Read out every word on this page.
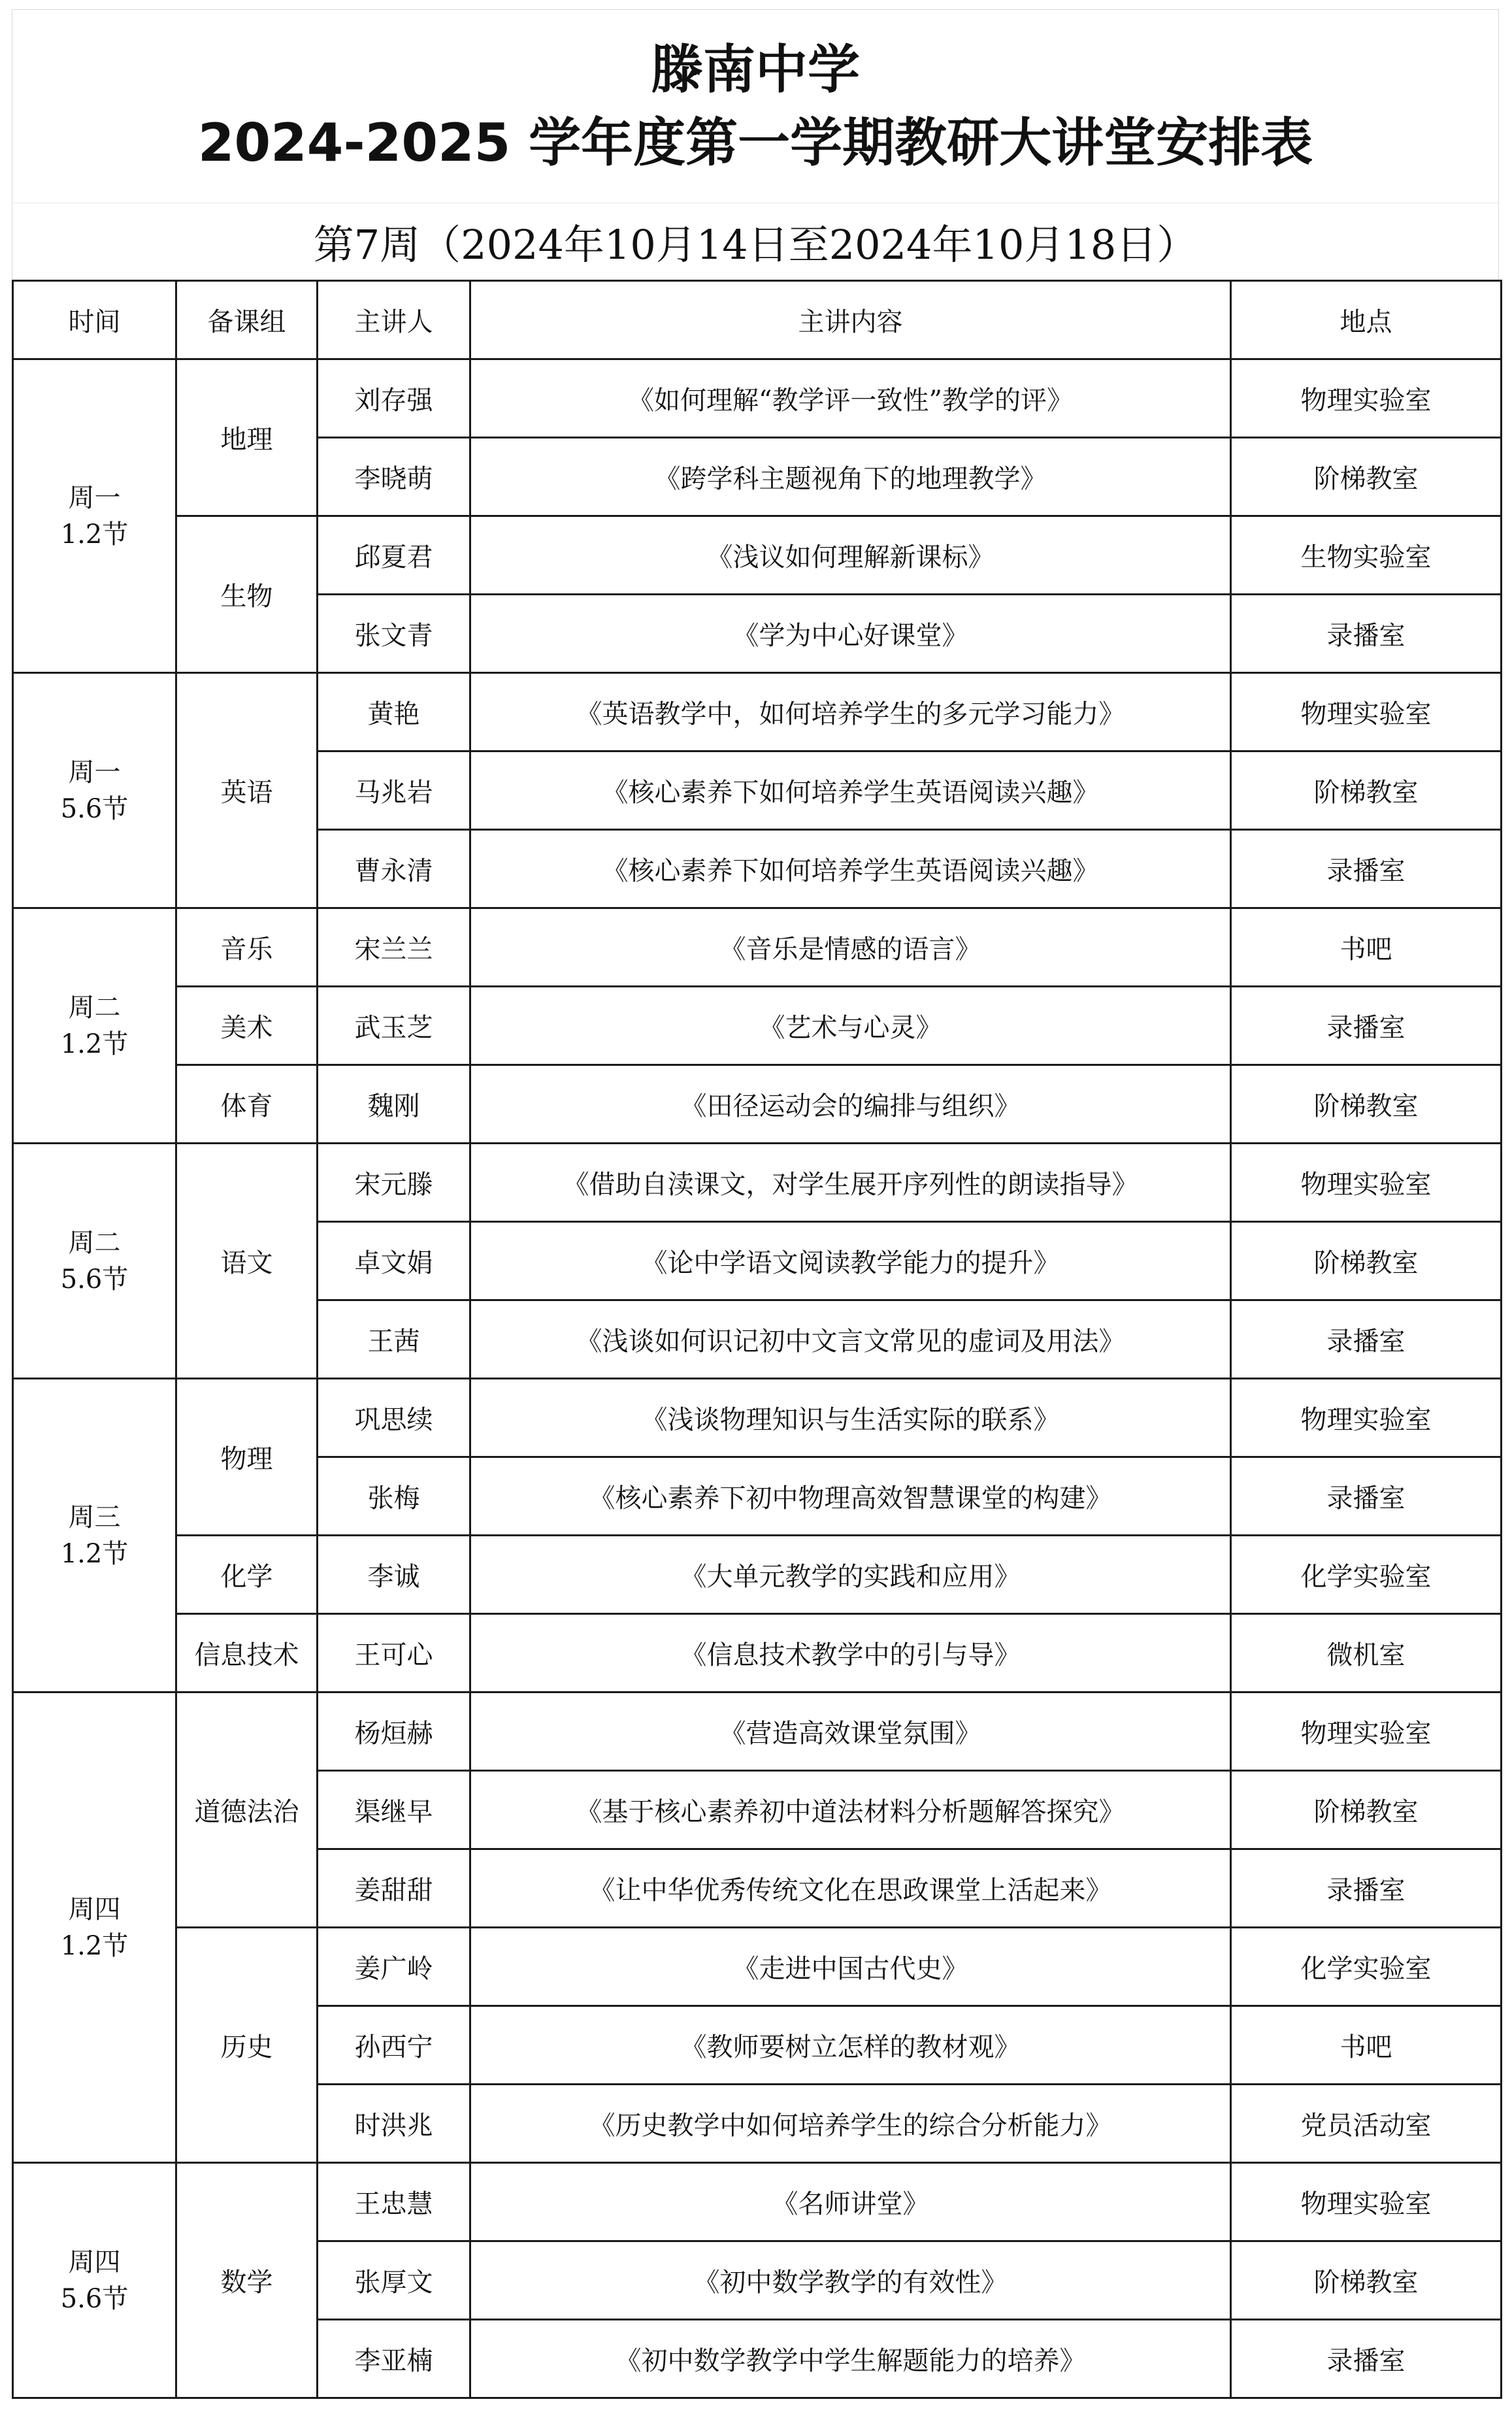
滕南中学
2024-2025 学年度第一学期教研大讲堂安排表
第7周（2024年10月14日至2024年10月18日）
时间	备课组	主讲人	主讲内容	地点

周一
1.2节	地理	刘存强	《如何理解“教学评一致性”教学的评》	物理实验室
		李晓萌	《跨学科主题视角下的地理教学》	阶梯教室
	生物	邱夏君	《浅议如何理解新课标》	生物实验室
		张文青	《学为中心好课堂》	录播室

周一
5.6节	英语	黄艳	《英语教学中，如何培养学生的多元学习能力》	物理实验室
		马兆岩	《核心素养下如何培养学生英语阅读兴趣》	阶梯教室
		曹永清	《核心素养下如何培养学生英语阅读兴趣》	录播室

周二
1.2节	音乐	宋兰兰	《音乐是情感的语言》	书吧
	美术	武玉芝	《艺术与心灵》	录播室
	体育	魏刚	《田径运动会的编排与组织》	阶梯教室

周二
5.6节	语文	宋元滕	《借助自渎课文，对学生展开序列性的朗读指导》	物理实验室
		卓文娟	《论中学语文阅读教学能力的提升》	阶梯教室
		王茜	《浅谈如何识记初中文言文常见的虚词及用法》	录播室

周三
1.2节	物理	巩思续	《浅谈物理知识与生活实际的联系》	物理实验室
		张梅	《核心素养下初中物理高效智慧课堂的构建》	录播室
	化学	李诚	《大单元教学的实践和应用》	化学实验室
	信息技术	王可心	《信息技术教学中的引与导》	微机室

周四
1.2节	道德法治	杨烜赫	《营造高效课堂氛围》	物理实验室
		渠继早	《基于核心素养初中道法材料分析题解答探究》	阶梯教室
		姜甜甜	《让中华优秀传统文化在思政课堂上活起来》	录播室
	历史	姜广岭	《走进中国古代史》	化学实验室
		孙西宁	《教师要树立怎样的教材观》	书吧
		时洪兆	《历史教学中如何培养学生的综合分析能力》	党员活动室

周四
5.6节	数学	王忠慧	《名师讲堂》	物理实验室
		张厚文	《初中数学教学的有效性》	阶梯教室
		李亚楠	《初中数学教学中学生解题能力的培养》	录播室
